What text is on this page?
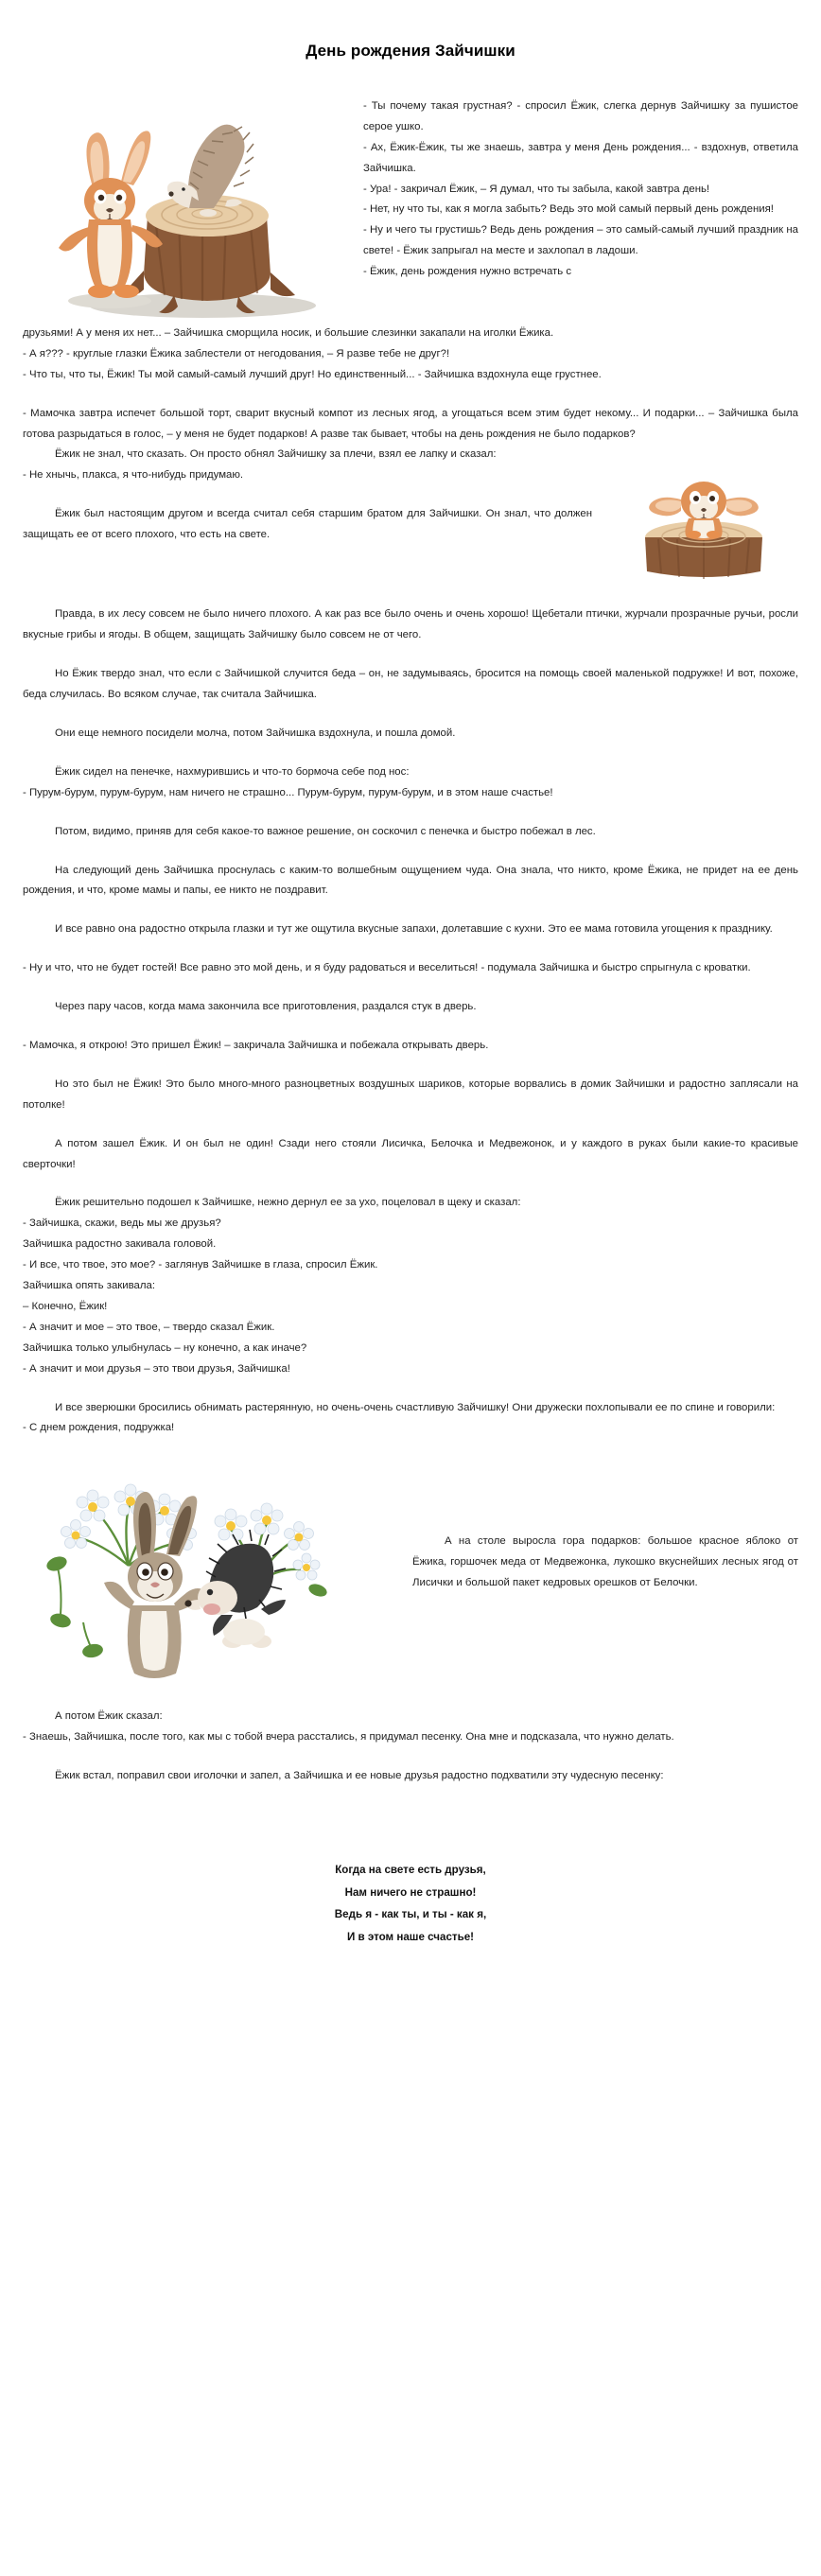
День рождения Зайчишки

- Ты почему такая грустная? - спросил Ёжик, слегка дернув Зайчишку за пушистое серое ушко.

- Ах, Ёжик-Ёжик, ты же знаешь, завтра у меня День рождения... - вздохнув, ответила Зайчишка.

- Ура! - закричал Ёжик, – Я думал, что ты забыла, какой завтра день!

- Нет, ну что ты, как я могла забыть? Ведь это мой самый первый день рождения!

- Ну и чего ты грустишь? Ведь день рождения – это самый-самый лучший праздник на свете! - Ёжик запрыгал на месте и захлопал в ладоши.

- Ёжик, день рождения нужно встречать с

друзьями! А у меня их нет... – Зайчишка сморщила носик, и большие слезинки закапали на иголки Ёжика.

- А я??? - круглые глазки Ёжика заблестели от негодования, – Я разве тебе не друг?!

- Что ты, что ты, Ёжик! Ты мой самый-самый лучший друг! Но единственный... - Зайчишка вздохнула еще грустнее.

- Мамочка завтра испечет большой торт, сварит вкусный компот из лесных ягод, а угощаться всем этим будет некому... И подарки... – Зайчишка была готова разрыдаться в голос, – у меня не будет подарков! А разве так бывает, чтобы на день рождения не было подарков?

Ёжик не знал, что сказать. Он просто обнял Зайчишку за плечи, взял ее лапку и сказал:

- Не хнычь, плакса, я что-нибудь придумаю.

Ёжик был настоящим другом и всегда считал себя старшим братом для Зайчишки. Он знал, что должен защищать ее от всего плохого, что есть на свете.

Правда, в их лесу совсем не было ничего плохого. А как раз все было очень и очень хорошо! Щебетали птички, журчали прозрачные ручьи, росли вкусные грибы и ягоды. В общем, защищать Зайчишку было совсем не от чего.

Но Ёжик твердо знал, что если с Зайчишкой случится беда – он, не задумываясь, бросится на помощь своей маленькой подружке! И вот, похоже, беда случилась. Во всяком случае, так считала Зайчишка.

Они еще немного посидели молча, потом Зайчишка вздохнула, и пошла домой.

Ёжик сидел на пенечке, нахмурившись и что-то бормоча себе под нос:

- Пурум-бурум, пурум-бурум, нам ничего не страшно... Пурум-бурум, пурум-бурум, и в этом наше счастье!

Потом, видимо, приняв для себя какое-то важное решение, он соскочил с пенечка и быстро побежал в лес.

На следующий день Зайчишка проснулась с каким-то волшебным ощущением чуда. Она знала, что никто, кроме Ёжика, не придет на ее день рождения, и что, кроме мамы и папы, ее никто не поздравит.

И все равно она радостно открыла глазки и тут же ощутила вкусные запахи, долетавшие с кухни. Это ее мама готовила угощения к празднику.

- Ну и что, что не будет гостей! Все равно это мой день, и я буду радоваться и веселиться! - подумала Зайчишка и быстро спрыгнула с кроватки.

Через пару часов, когда мама закончила все приготовления, раздался стук в дверь.

- Мамочка, я открою! Это пришел Ёжик! – закричала Зайчишка и побежала открывать дверь.

Но это был не Ёжик! Это было много-много разноцветных воздушных шариков, которые ворвались в домик Зайчишки и радостно заплясали на потолке!

А потом зашел Ёжик. И он был не один! Сзади него стояли Лисичка, Белочка и Медвежонок, и у каждого в руках были какие-то красивые сверточки!

Ёжик решительно подошел к Зайчишке, нежно дернул ее за ухо, поцеловал в щеку и сказал:

- Зайчишка, скажи, ведь мы же друзья?

Зайчишка радостно закивала головой.

- И все, что твое, это мое? - заглянув Зайчишке в глаза, спросил Ёжик.

Зайчишка опять закивала:

– Конечно, Ёжик!

- А значит и мое – это твое, – твердо сказал Ёжик.

Зайчишка только улыбнулась – ну конечно, а как иначе?

- А значит и мои друзья – это твои друзья, Зайчишка!

И все зверюшки бросились обнимать растерянную, но очень-очень счастливую Зайчишку! Они дружески похлопывали ее по спине и говорили:

- С днем рождения, подружка!

А на столе выросла гора подарков: большое красное яблоко от Ёжика, горшочек меда от Медвежонка, лукошко вкуснейших лесных ягод от Лисички и большой пакет кедровых орешков от Белочки.

А потом Ёжик сказал:

- Знаешь, Зайчишка, после того, как мы с тобой вчера расстались, я придумал песенку. Она мне и подсказала, что нужно делать.

Ёжик встал, поправил свои иголочки и запел, а Зайчишка и ее новые друзья радостно подхватили эту чудесную песенку:

Когда на свете есть друзья,
Нам ничего не страшно!
Ведь я - как ты, и ты - как я,
И в этом наше счастье!
